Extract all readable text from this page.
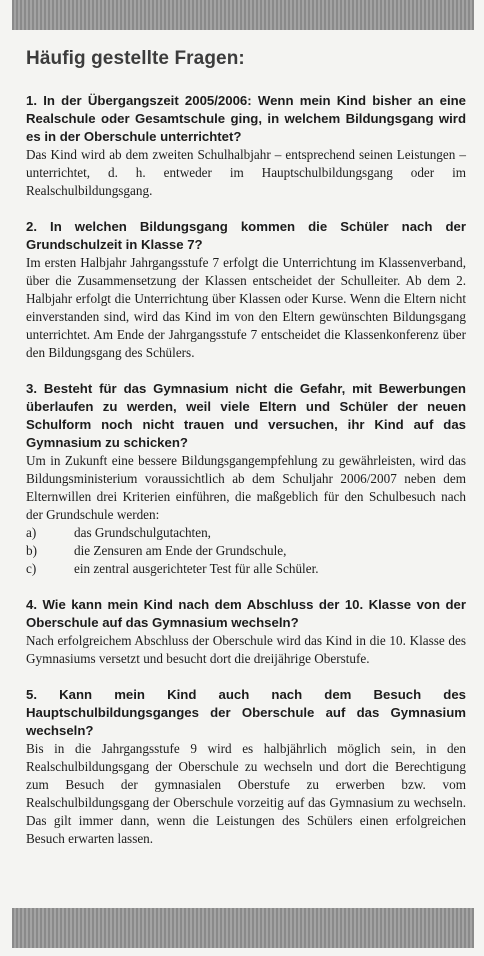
Häufig gestellte Fragen:

1. In der Übergangszeit 2005/2006: Wenn mein Kind bisher an eine Realschule oder Gesamtschule ging, in welchem Bildungsgang wird es in der Oberschule unterrichtet?

Das Kind wird ab dem zweiten Schulhalbjahr – entsprechend seinen Leistungen – unterrichtet, d. h. entweder im Hauptschulbildungsgang oder im Realschulbildungsgang.

2. In welchen Bildungsgang kommen die Schüler nach der Grundschulzeit in Klasse 7?

Im ersten Halbjahr Jahrgangsstufe 7 erfolgt die Unterrichtung im Klassenverband, über die Zusammensetzung der Klassen entscheidet der Schulleiter. Ab dem 2. Halbjahr erfolgt die Unterrichtung über Klassen oder Kurse. Wenn die Eltern nicht einverstanden sind, wird das Kind im von den Eltern gewünschten Bildungsgang unterrichtet. Am Ende der Jahrgangsstufe 7 entscheidet die Klassenkonferenz über den Bildungsgang des Schülers.

3. Besteht für das Gymnasium nicht die Gefahr, mit Bewerbungen überlaufen zu werden, weil viele Eltern und Schüler der neuen Schulform noch nicht trauen und versuchen, ihr Kind auf das Gymnasium zu schicken?

Um in Zukunft eine bessere Bildungsgangempfehlung zu gewährleisten, wird das Bildungsministerium voraussichtlich ab dem Schuljahr 2006/2007 neben dem Elternwillen drei Kriterien einführen, die maßgeblich für den Schulbesuch nach der Grundschule werden:

a)	das Grundschulgutachten,
b)	die Zensuren am Ende der Grundschule,
c)	ein zentral ausgerichteter Test für alle Schüler.

4. Wie kann mein Kind nach dem Abschluss der 10. Klasse von der Oberschule auf das Gymnasium wechseln?

Nach erfolgreichem Abschluss der Oberschule wird das Kind in die 10. Klasse des Gymnasiums versetzt und besucht dort die dreijährige Oberstufe.

5. Kann mein Kind auch nach dem Besuch des Hauptschulbildungsganges der Oberschule auf das Gymnasium wechseln?

Bis in die Jahrgangsstufe 9 wird es halbjährlich möglich sein, in den Realschulbildungsgang der Oberschule zu wechseln und dort die Berechtigung zum Besuch der gymnasialen Oberstufe zu erwerben bzw. vom Realschulbildungsgang der Oberschule vorzeitig auf das Gymnasium zu wechseln. Das gilt immer dann, wenn die Leistungen des Schülers einen erfolgreichen Besuch erwarten lassen.
